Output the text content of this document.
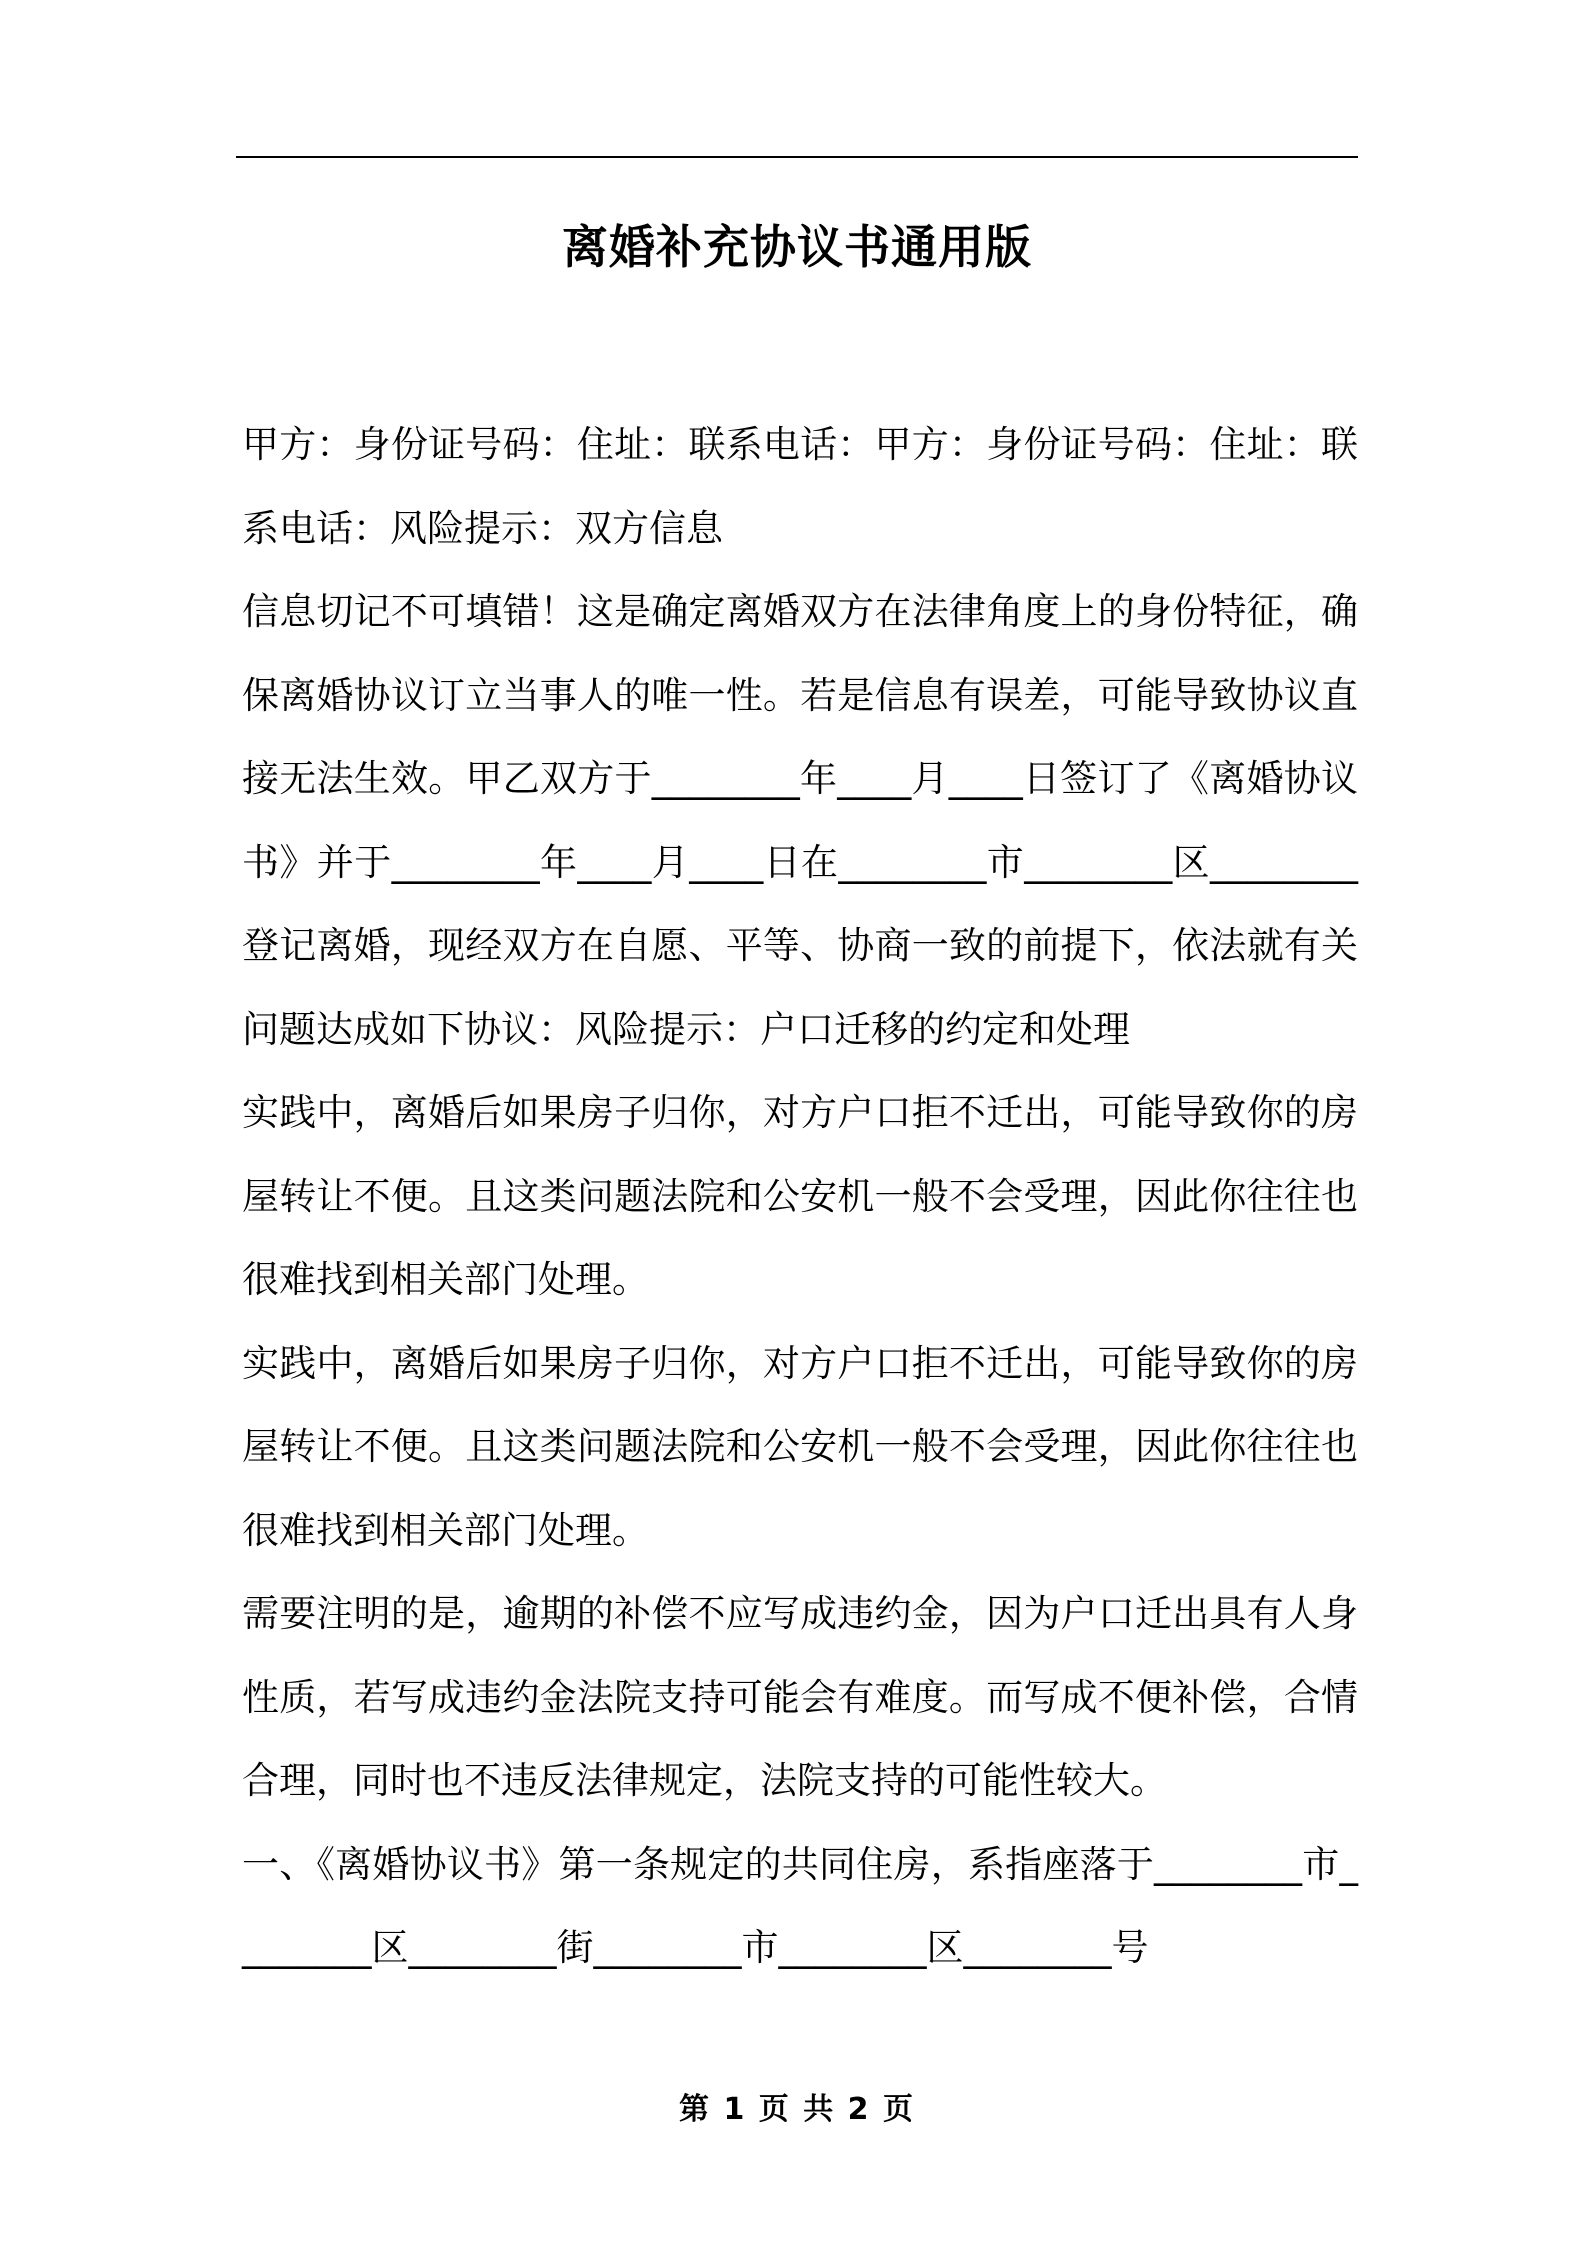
离婚补充协议书通用版

甲方：身份证号码：住址：联系电话：甲方：身份证号码：住址：联系电话：风险提示：双方信息

信息切记不可填错！这是确定离婚双方在法律角度上的身份特征，确保离婚协议订立当事人的唯一性。若是信息有误差，可能导致协议直接无法生效。甲乙双方于________年____月____日签订了《离婚协议书》并于________年____月____日在________市________区________登记离婚，现经双方在自愿、平等、协商一致的前提下，依法就有关问题达成如下协议：风险提示：户口迁移的约定和处理

实践中，离婚后如果房子归你，对方户口拒不迁出，可能导致你的房屋转让不便。且这类问题法院和公安机一般不会受理，因此你往往也很难找到相关部门处理。

实践中，离婚后如果房子归你，对方户口拒不迁出，可能导致你的房屋转让不便。且这类问题法院和公安机一般不会受理，因此你往往也很难找到相关部门处理。

需要注明的是，逾期的补偿不应写成违约金，因为户口迁出具有人身性质，若写成违约金法院支持可能会有难度。而写成不便补偿，合情合理，同时也不违反法律规定，法院支持的可能性较大。

一、《离婚协议书》第一条规定的共同住房，系指座落于________市________区________街________市________区________号

第 1 页 共 2 页
